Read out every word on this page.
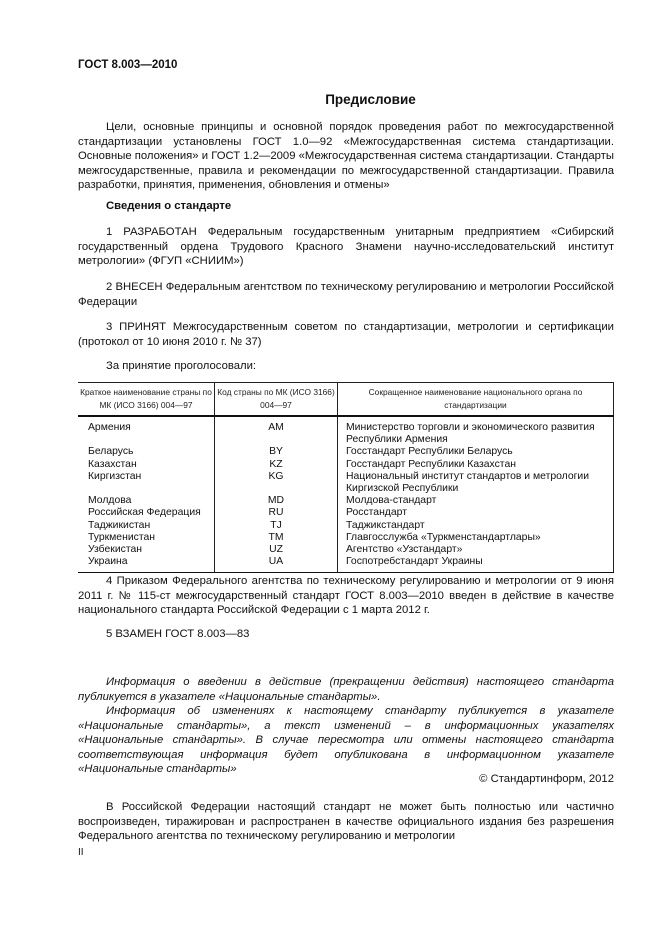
ГОСТ 8.003—2010
Предисловие
Цели, основные принципы и основной порядок проведения работ по межгосударственной стандартизации установлены ГОСТ 1.0—92 «Межгосударственная система стандартизации. Основные положения» и ГОСТ 1.2—2009 «Межгосударственная система стандартизации. Стандарты межгосударственные, правила и рекомендации по межгосударственной стандартизации. Правила разработки, принятия, применения, обновления и отмены»
Сведения о стандарте
1 РАЗРАБОТАН Федеральным государственным унитарным предприятием «Сибирский государственный ордена Трудового Красного Знамени научно-исследовательский институт метрологии» (ФГУП «СНИИМ»)
2 ВНЕСЕН Федеральным агентством по техническому регулированию и метрологии Российской Федерации
3 ПРИНЯТ Межгосударственным советом по стандартизации, метрологии и сертификации (протокол от 10 июня 2010 г. № 37)
За принятие проголосовали:
Краткое наименование страны по МК (ИСО 3166) 004—97	Код страны по МК (ИСО 3166) 004—97	Сокращенное наименование национального органа по стандартизации
Армения	AM	Министерство торговли и экономического развития Республики Армения
Беларусь	BY	Госстандарт Республики Беларусь
Казахстан	KZ	Госстандарт Республики Казахстан
Киргизстан	KG	Национальный институт стандартов и метрологии Киргизской Республики
Молдова	MD	Молдова-стандарт
Российская Федерация	RU	Росстандарт
Таджикистан	TJ	Таджикстандарт
Туркменистан	TM	Главгосслужба «Туркменстандартлары»
Узбекистан	UZ	Агентство «Узстандарт»
Украина	UA	Госпотребстандарт Украины
4 Приказом Федерального агентства по техническому регулированию и метрологии от 9 июня 2011 г. № 115-ст межгосударственный стандарт ГОСТ 8.003—2010 введен в действие в качестве национального стандарта Российской Федерации с 1 марта 2012 г.
5 ВЗАМЕН ГОСТ 8.003—83
Информация о введении в действие (прекращении действия) настоящего стандарта публикуется в указателе «Национальные стандарты».
Информация об изменениях к настоящему стандарту публикуется в указателе «Национальные стандарты», а текст изменений – в информационных указателях «Национальные стандарты». В случае пересмотра или отмены настоящего стандарта соответствующая информация будет опубликована в информационном указателе «Национальные стандарты»
© Стандартинформ, 2012
В Российской Федерации настоящий стандарт не может быть полностью или частично воспроизведен, тиражирован и распространен в качестве официального издания без разрешения Федерального агентства по техническому регулированию и метрологии
II
